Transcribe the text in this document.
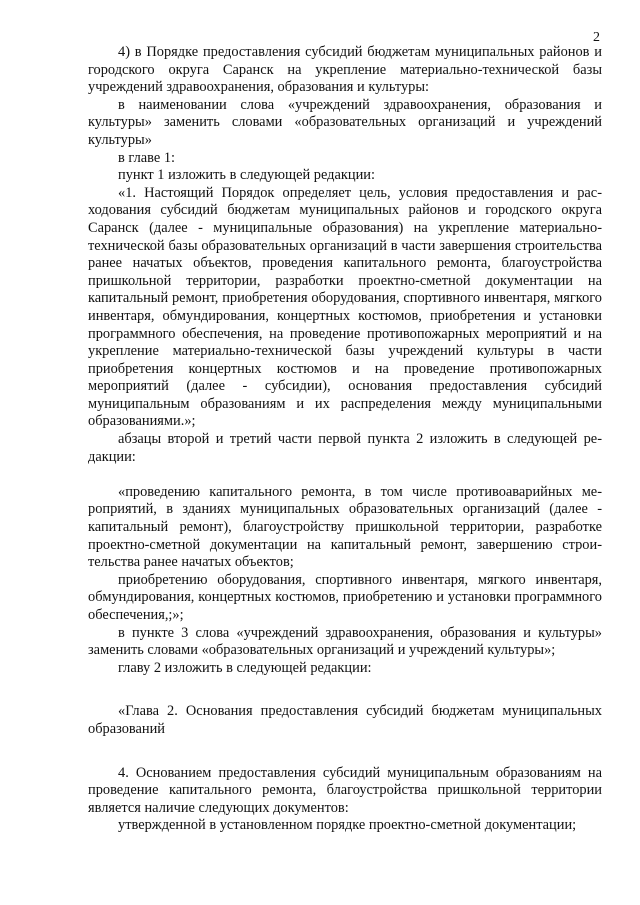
2

4) в Порядке предоставления субсидий бюджетам муниципальных районов и городского округа Саранск на укрепление материально-технической базы учреждений здравоохранения, образования и культуры:

в наименовании слова «учреждений здравоохранения, образования и культуры» заменить словами «образовательных организаций и учреждений культуры»

в главе 1:

пункт 1 изложить в следующей редакции:

«1. Настоящий Порядок определяет цель, условия предоставления и расходования субсидий бюджетам муниципальных районов и городского округа Саранск (далее - муниципальные образования) на укрепление материально-технической базы образовательных организаций в части завершения строительства ранее начатых объектов, проведения капитального ремонта, благоустройства пришкольной территории, разработки проектно-сметной документации на капитальный ремонт, приобретения оборудования, спортивного инвентаря, мягкого инвентаря, обмундирования, концертных костюмов, приобретения и установки программного обеспечения, на проведение противопожарных мероприятий и на укрепление материально-технической базы учреждений культуры в части приобретения концертных костюмов и на проведение противопожарных мероприятий (далее - субсидии), основания предоставления субсидий муниципальным образованиям и их распределения между муниципальными образованиями.»;

абзацы второй и третий части первой пункта 2 изложить в следующей редакции:

«проведению капитального ремонта, в том числе противоаварийных мероприятий, в зданиях муниципальных образовательных организаций (далее - капитальный ремонт), благоустройству пришкольной территории, разработке проектно-сметной документации на капитальный ремонт, завершению строительства ранее начатых объектов;

приобретению оборудования, спортивного инвентаря, мягкого инвентаря, обмундирования, концертных костюмов, приобретению и установки программного обеспечения,;»;

в пункте 3 слова «учреждений здравоохранения, образования и культуры» заменить словами «образовательных организаций и учреждений культуры»;

главу 2 изложить в следующей редакции:

«Глава 2. Основания предоставления субсидий бюджетам муниципальных образований

4. Основанием предоставления субсидий муниципальным образованиям на проведение капитального ремонта, благоустройства пришкольной территории является наличие следующих документов:

утвержденной в установленном порядке проектно-сметной документации;
